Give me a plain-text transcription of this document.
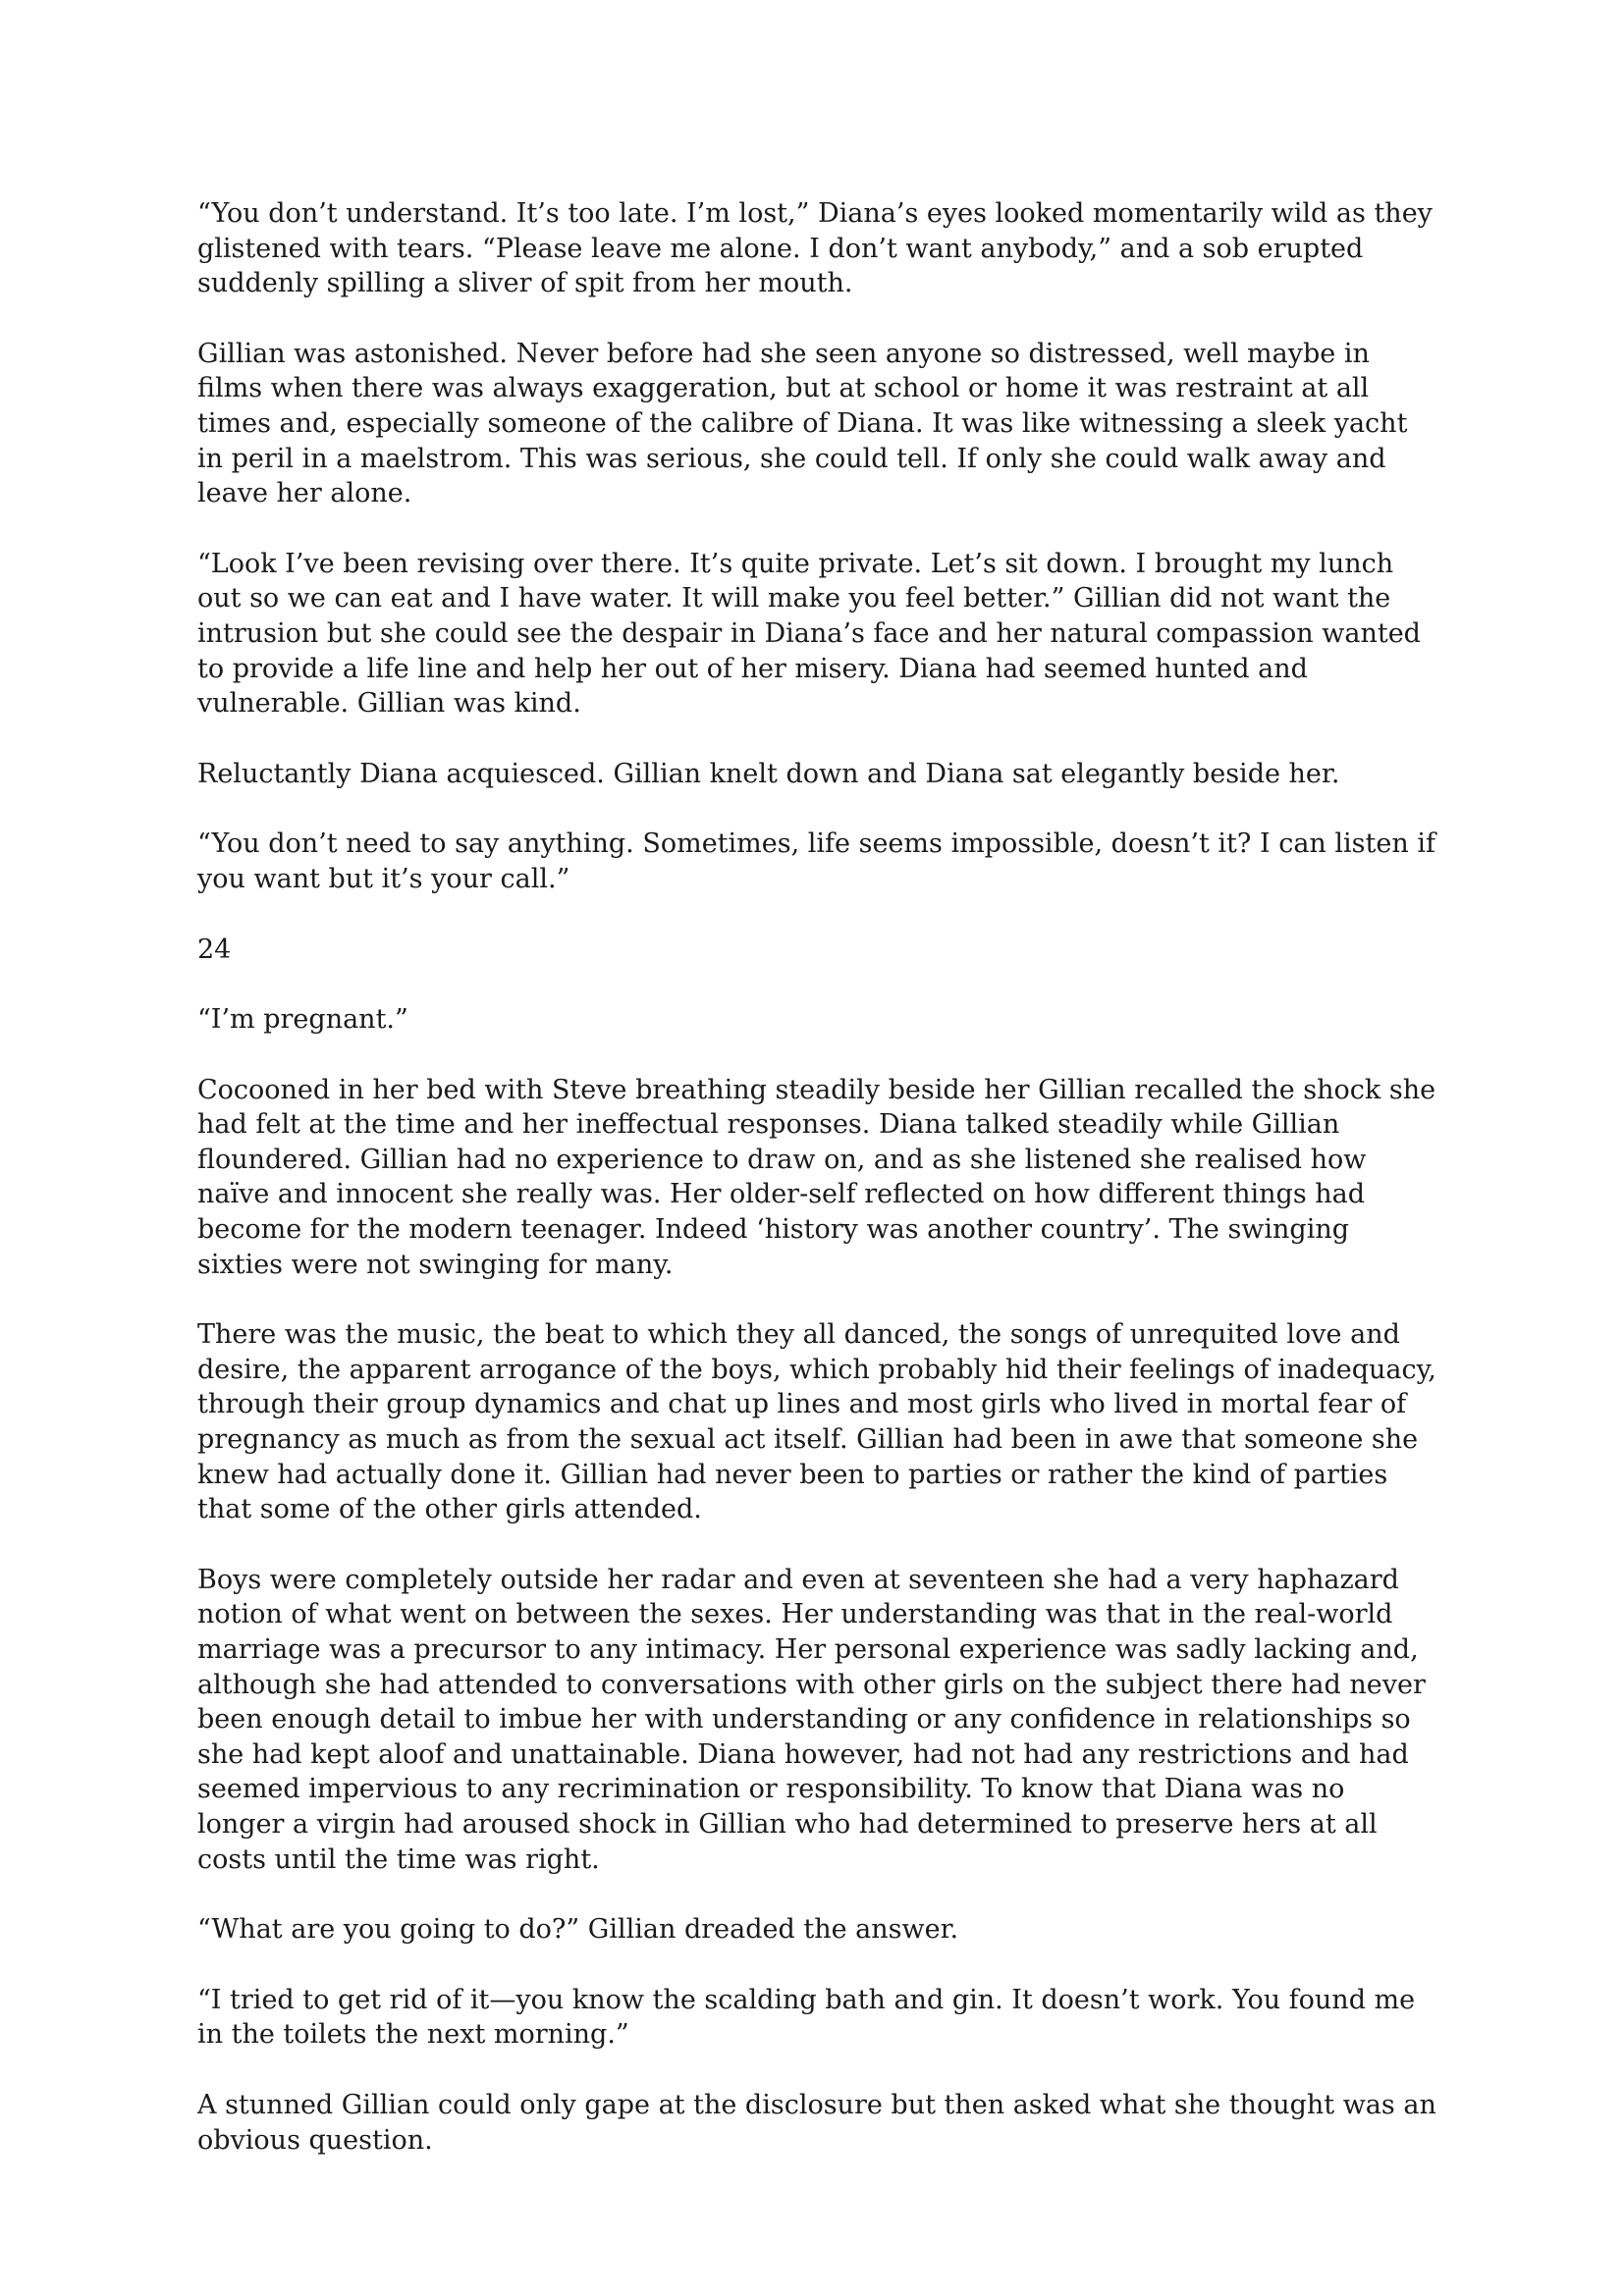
“You don’t understand. It’s too late. I’m lost,” Diana’s eyes looked momentarily wild as they glistened with tears. “Please leave me alone. I don’t want anybody,” and a sob erupted suddenly spilling a sliver of spit from her mouth.

Gillian was astonished. Never before had she seen anyone so distressed, well maybe in films when there was always exaggeration, but at school or home it was restraint at all times and, especially someone of the calibre of Diana. It was like witnessing a sleek yacht in peril in a maelstrom. This was serious, she could tell. If only she could walk away and leave her alone.

“Look I’ve been revising over there. It’s quite private. Let’s sit down. I brought my lunch out so we can eat and I have water. It will make you feel better.” Gillian did not want the intrusion but she could see the despair in Diana’s face and her natural compassion wanted to provide a life line and help her out of her misery. Diana had seemed hunted and vulnerable. Gillian was kind.

Reluctantly Diana acquiesced. Gillian knelt down and Diana sat elegantly beside her.

“You don’t need to say anything. Sometimes, life seems impossible, doesn’t it? I can listen if you want but it’s your call.”

24

“I’m pregnant.”

Cocooned in her bed with Steve breathing steadily beside her Gillian recalled the shock she had felt at the time and her ineffectual responses. Diana talked steadily while Gillian floundered. Gillian had no experience to draw on, and as she listened she realised how naïve and innocent she really was. Her older-self reflected on how different things had become for the modern teenager. Indeed ‘history was another country’. The swinging sixties were not swinging for many.

There was the music, the beat to which they all danced, the songs of unrequited love and desire, the apparent arrogance of the boys, which probably hid their feelings of inadequacy, through their group dynamics and chat up lines and most girls who lived in mortal fear of pregnancy as much as from the sexual act itself. Gillian had been in awe that someone she knew had actually done it. Gillian had never been to parties or rather the kind of parties that some of the other girls attended.

Boys were completely outside her radar and even at seventeen she had a very haphazard notion of what went on between the sexes. Her understanding was that in the real-world marriage was a precursor to any intimacy. Her personal experience was sadly lacking and, although she had attended to conversations with other girls on the subject there had never been enough detail to imbue her with understanding or any confidence in relationships so she had kept aloof and unattainable. Diana however, had not had any restrictions and had seemed impervious to any recrimination or responsibility. To know that Diana was no longer a virgin had aroused shock in Gillian who had determined to preserve hers at all costs until the time was right.

“What are you going to do?” Gillian dreaded the answer.

“I tried to get rid of it—you know the scalding bath and gin. It doesn’t work. You found me in the toilets the next morning.”

A stunned Gillian could only gape at the disclosure but then asked what she thought was an obvious question.
